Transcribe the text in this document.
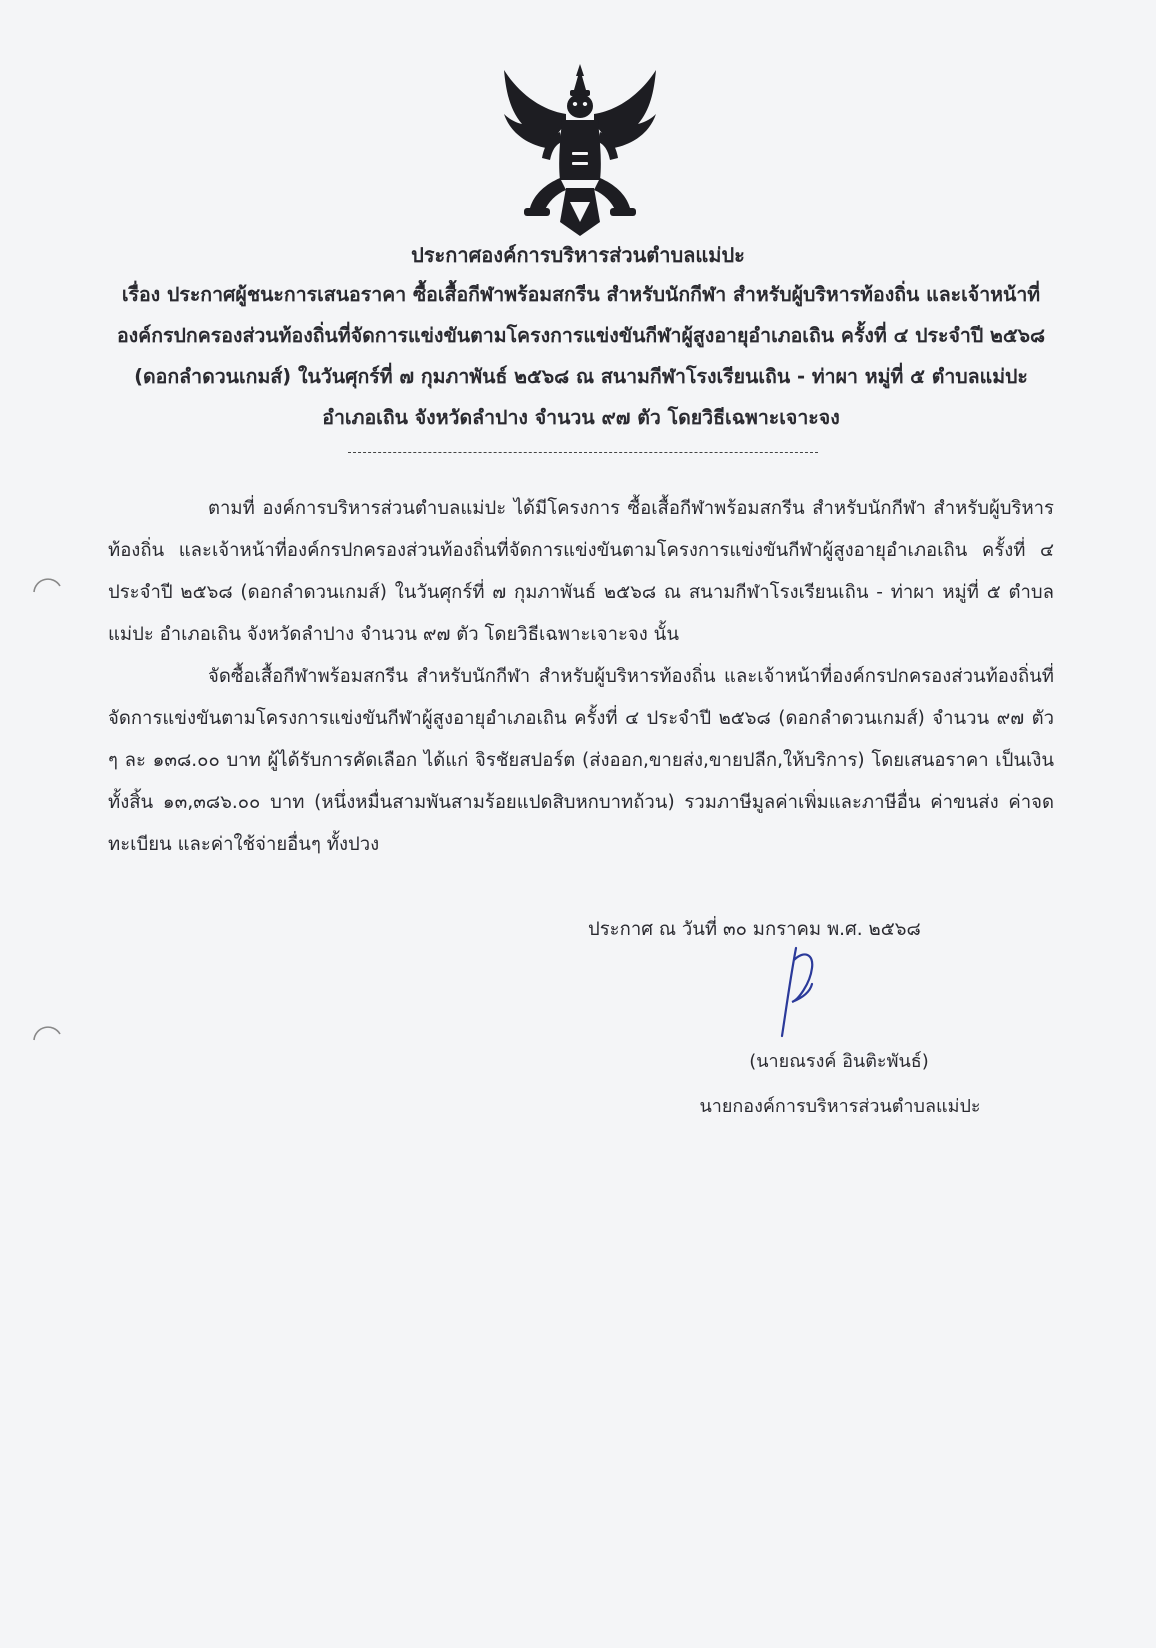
ประกาศองค์การบริหารส่วนตำบลแม่ปะ

เรื่อง ประกาศผู้ชนะการเสนอราคา ซื้อเสื้อกีฬาพร้อมสกรีน สำหรับนักกีฬา สำหรับผู้บริหารท้องถิ่น และเจ้าหน้าที่องค์กรปกครองส่วนท้องถิ่นที่จัดการแข่งขันตามโครงการแข่งขันกีฬาผู้สูงอายุอำเภอเถิน ครั้งที่ ๔ ประจำปี ๒๕๖๘ (ดอกลำดวนเกมส์) ในวันศุกร์ที่ ๗ กุมภาพันธ์ ๒๕๖๘ ณ สนามกีฬาโรงเรียนเถิน - ท่าผา หมู่ที่ ๕ ตำบลแม่ปะ อำเภอเถิน จังหวัดลำปาง จำนวน ๙๗ ตัว โดยวิธีเฉพาะเจาะจง

ตามที่ องค์การบริหารส่วนตำบลแม่ปะ ได้มีโครงการ ซื้อเสื้อกีฬาพร้อมสกรีน สำหรับนักกีฬา สำหรับผู้บริหารท้องถิ่น และเจ้าหน้าที่องค์กรปกครองส่วนท้องถิ่นที่จัดการแข่งขันตามโครงการแข่งขันกีฬาผู้สูงอายุอำเภอเถิน ครั้งที่ ๔ ประจำปี ๒๕๖๘ (ดอกลำดวนเกมส์) ในวันศุกร์ที่ ๗ กุมภาพันธ์ ๒๕๖๘ ณ สนามกีฬาโรงเรียนเถิน - ท่าผา หมู่ที่ ๕ ตำบลแม่ปะ อำเภอเถิน จังหวัดลำปาง จำนวน ๙๗ ตัว โดยวิธีเฉพาะเจาะจง นั้น

จัดซื้อเสื้อกีฬาพร้อมสกรีน สำหรับนักกีฬา สำหรับผู้บริหารท้องถิ่น และเจ้าหน้าที่องค์กรปกครองส่วนท้องถิ่นที่จัดการแข่งขันตามโครงการแข่งขันกีฬาผู้สูงอายุอำเภอเถิน ครั้งที่ ๔ ประจำปี ๒๕๖๘ (ดอกลำดวนเกมส์) จำนวน ๙๗ ตัว ๆ ละ ๑๓๘.๐๐ บาท ผู้ได้รับการคัดเลือก ได้แก่ จิรชัยสปอร์ต (ส่งออก,ขายส่ง,ขายปลีก,ให้บริการ) โดยเสนอราคา เป็นเงินทั้งสิ้น ๑๓,๓๘๖.๐๐ บาท (หนึ่งหมื่นสามพันสามร้อยแปดสิบหกบาทถ้วน) รวมภาษีมูลค่าเพิ่มและภาษีอื่น ค่าขนส่ง ค่าจดทะเบียน และค่าใช้จ่ายอื่นๆ ทั้งปวง

ประกาศ ณ วันที่ ๓๐ มกราคม พ.ศ. ๒๕๖๘
(นายณรงค์ อินติะพันธ์)
นายกองค์การบริหารส่วนตำบลแม่ปะ
